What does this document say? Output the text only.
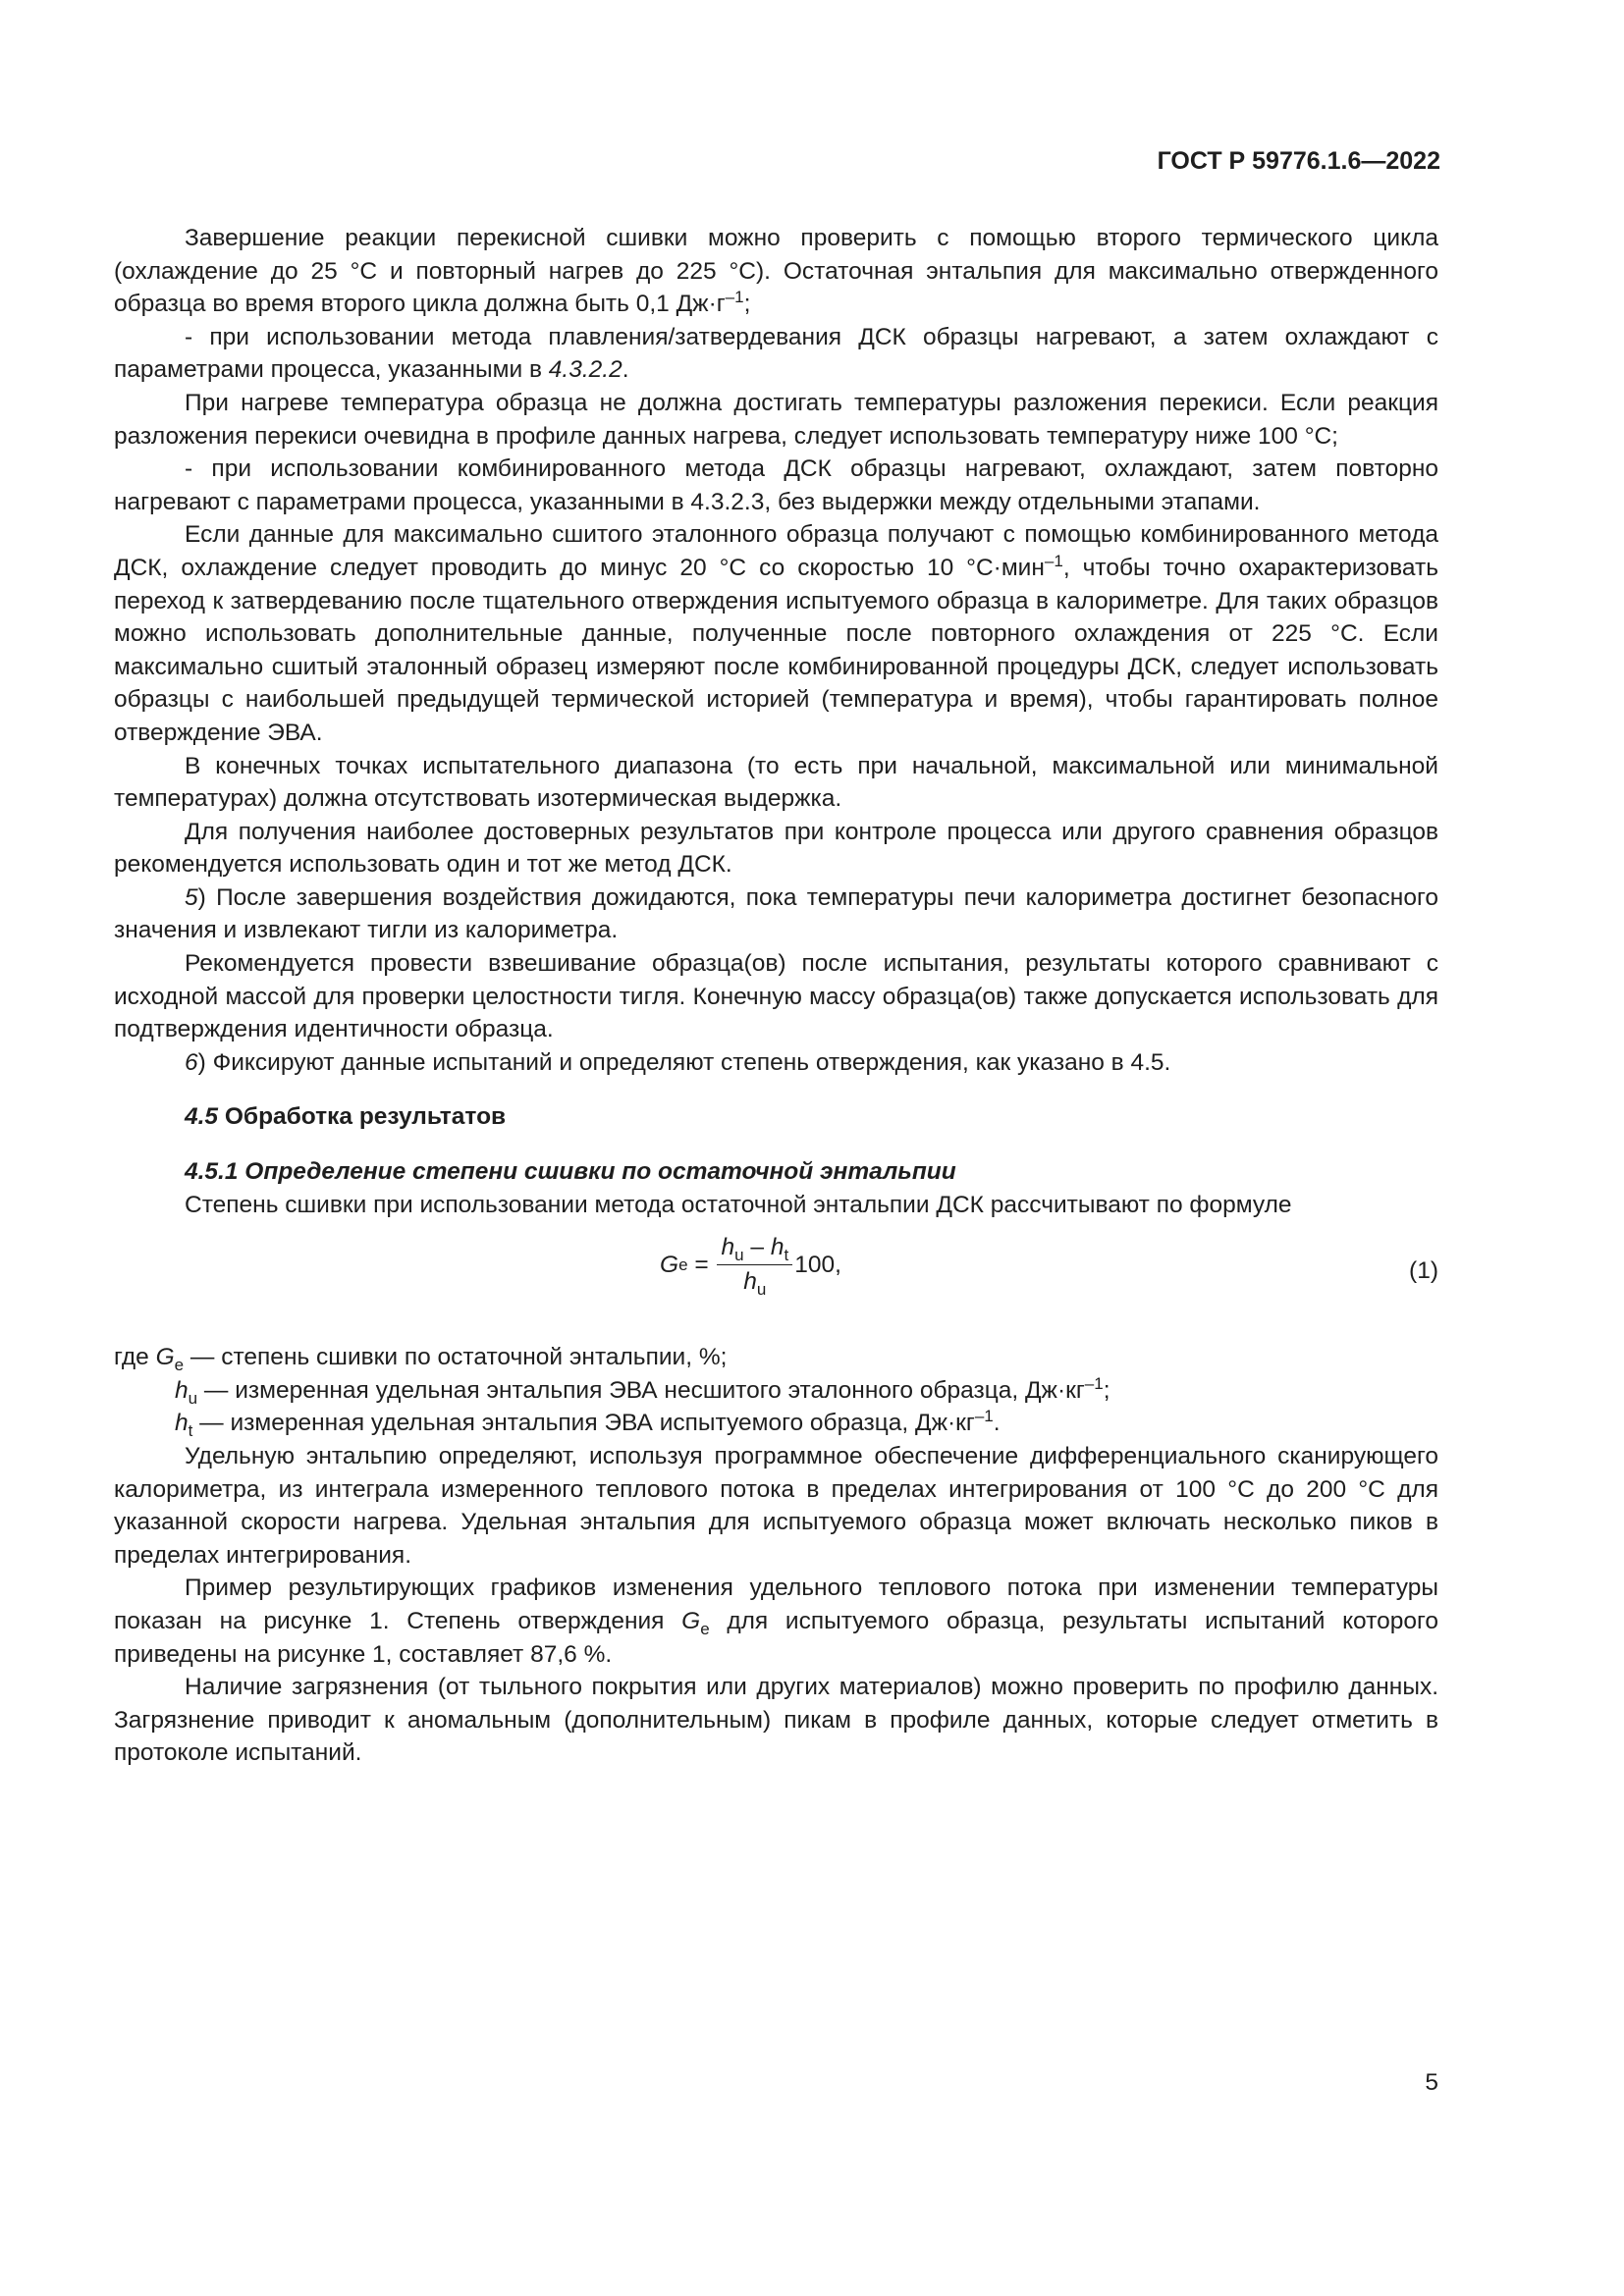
ГОСТ Р 59776.1.6—2022

Завершение реакции перекисной сшивки можно проверить с помощью второго термического цикла (охлаждение до 25 °C и повторный нагрев до 225 °C). Остаточная энтальпия для максимально отвержденного образца во время второго цикла должна быть 0,1 $Дж\cdot г^{-1}$;

- при использовании метода плавления/затвердевания ДСК образцы нагревают, а затем охлаждают с параметрами процесса, указанными в 4.3.2.2.

При нагреве температура образца не должна достигать температуры разложения перекиси. Если реакция разложения перекиси очевидна в профиле данных нагрева, следует использовать температуру ниже 100 °C;

- при использовании комбинированного метода ДСК образцы нагревают, охлаждают, затем повторно нагревают с параметрами процесса, указанными в 4.3.2.3, без выдержки между отдельными этапами.

Если данные для максимально сшитого эталонного образца получают с помощью комбинированного метода ДСК, охлаждение следует проводить до минус 20 °C со скоростью 10 °C·мин$^{-1}$, чтобы точно охарактеризовать переход к затвердеванию после тщательного отверждения испытуемого образца в калориметре. Для таких образцов можно использовать дополнительные данные, полученные после повторного охлаждения от 225 °C. Если максимально сшитый эталонный образец измеряют после комбинированной процедуры ДСК, следует использовать образцы с наибольшей предыдущей термической историей (температура и время), чтобы гарантировать полное отверждение ЭВА.

В конечных точках испытательного диапазона (то есть при начальной, максимальной или минимальной температурах) должна отсутствовать изотермическая выдержка.

Для получения наиболее достоверных результатов при контроле процесса или другого сравнения образцов рекомендуется использовать один и тот же метод ДСК.

5) После завершения воздействия дожидаются, пока температуры печи калориметра достигнет безопасного значения и извлекают тигли из калориметра.

Рекомендуется провести взвешивание образца(ов) после испытания, результаты которого сравнивают с исходной массой для проверки целостности тигля. Конечную массу образца(ов) также допускается использовать для подтверждения идентичности образца.

6) Фиксируют данные испытаний и определяют степень отверждения, как указано в 4.5.

4.5 Обработка результатов

4.5.1 Определение степени сшивки по остаточной энтальпии

Степень сшивки при использовании метода остаточной энтальпии ДСК рассчитывают по формуле

G $e = \frac{h_u - h_t}{h_u} 100$,	(1)

где $G_e$ — степень сшивки по остаточной энтальпии, %;

$h_u$ — измеренная удельная энтальпия ЭВА несшитого эталонного образца, $Дж\cdot кг^{-1}$;

$h_t$ — измеренная удельная энтальпия ЭВА испытуемого образца, $Дж\cdot кг^{-1}$.

Удельную энтальпию определяют, используя программное обеспечение дифференциального сканирующего калориметра, из интеграла измеренного теплового потока в пределах интегрирования от 100 °C до 200 °C для указанной скорости нагрева. Удельная энтальпия для испытуемого образца может включать несколько пиков в пределах интегрирования.

Пример результирующих графиков изменения удельного теплового потока при изменении температуры показан на рисунке 1. Степень отверждения $G_e$ для испытуемого образца, результаты испытаний которого приведены на рисунке 1, составляет 87,6 %.

Наличие загрязнения (от тыльного покрытия или других материалов) можно проверить по профилю данных. Загрязнение приводит к аномальным (дополнительным) пикам в профиле данных, которые следует отметить в протоколе испытаний.

5
